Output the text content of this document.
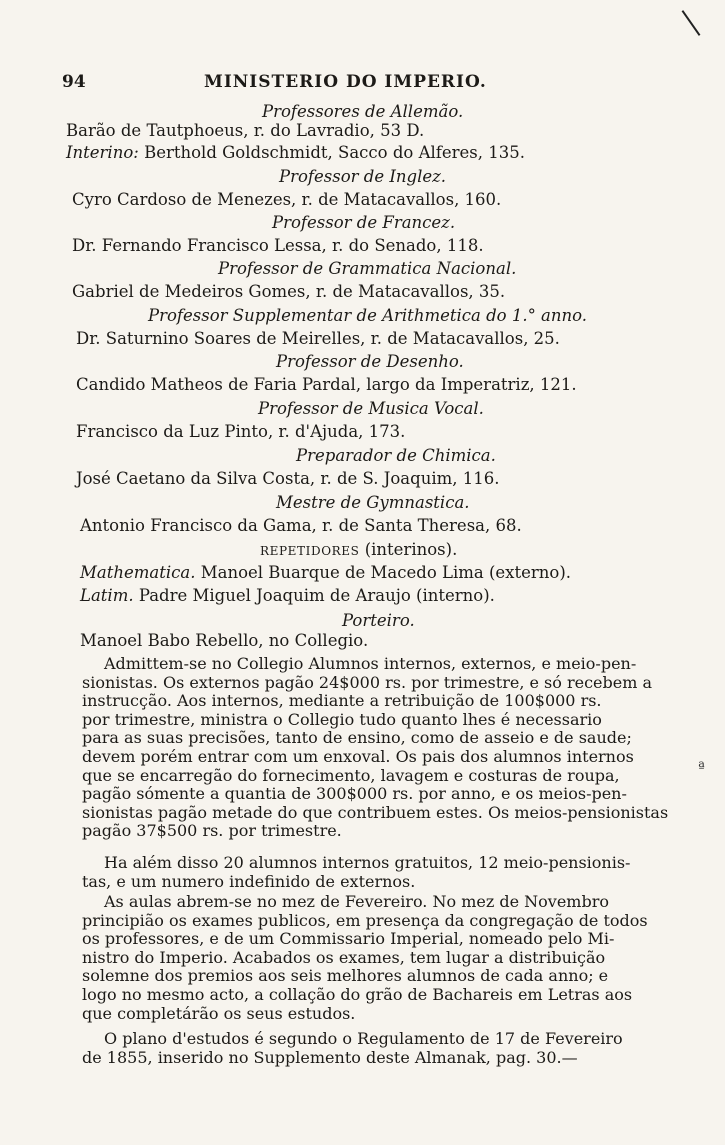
94	MINISTERIO DO IMPERIO.
Professores de Allemão.
Barão de Tautphoeus, r. do Lavradio, 53 D.
Interino: Berthold Goldschmidt, Sacco do Alferes, 135.
Professor de Inglez.
Cyro Cardoso de Menezes, r. de Matacavallos, 160.
Professor de Francez.
Dr. Fernando Francisco Lessa, r. do Senado, 118.
Professor de Grammatica Nacional.
Gabriel de Medeiros Gomes, r. de Matacavallos, 35.
Professor Supplementar de Arithmetica do 1.° anno.
Dr. Saturnino Soares de Meirelles, r. de Matacavallos, 25.
Professor de Desenho.
Candido Matheos de Faria Pardal, largo da Imperatriz, 121.
Professor de Musica Vocal.
Francisco da Luz Pinto, r. d'Ajuda, 173.
Preparador de Chimica.
José Caetano da Silva Costa, r. de S. Joaquim, 116.
Mestre de Gymnastica.
Antonio Francisco da Gama, r. de Santa Theresa, 68.
REPETIDORES (interinos).
Mathematica. Manoel Buarque de Macedo Lima (externo).
Latim. Padre Miguel Joaquim de Araujo (interno).
Porteiro.
Manoel Babo Rebello, no Collegio.
Admittem-se no Collegio Alumnos internos, externos, e meio-pen-
sionistas. Os externos pagão 24$000 rs. por trimestre, e só recebem a
instrucção. Aos internos, mediante a retribuição de 100$000 rs.
por trimestre, ministra o Collegio tudo quanto lhes é necessario
para as suas precisões, tanto de ensino, como de asseio e de saude;
devem porém entrar com um enxoval. Os pais dos alumnos internos
que se encarregão do fornecimento, lavagem e costuras de roupa,
pagão sómente a quantia de 300$000 rs. por anno, e os meios-pen-
sionistas pagão metade do que contribuem estes. Os meios-pensionistas
pagão 37$500 rs. por trimestre.
Ha além disso 20 alumnos internos gratuitos, 12 meio-pensionis-
tas, e um numero indefinido de externos.
As aulas abrem-se no mez de Fevereiro. No mez de Novembro
principião os exames publicos, em presença da congregação de todos
os professores, e de um Commissario Imperial, nomeado pelo Mi-
nistro do Imperio. Acabados os exames, tem lugar a distribuição
solemne dos premios aos seis melhores alumnos de cada anno; e
logo no mesmo acto, a collação do grão de Bachareis em Letras aos
que completárão os seus estudos.
O plano d'estudos é segundo o Regulamento de 17 de Fevereiro
de 1855, inserido no Supplemento deste Almanak, pag. 30.—
ª
